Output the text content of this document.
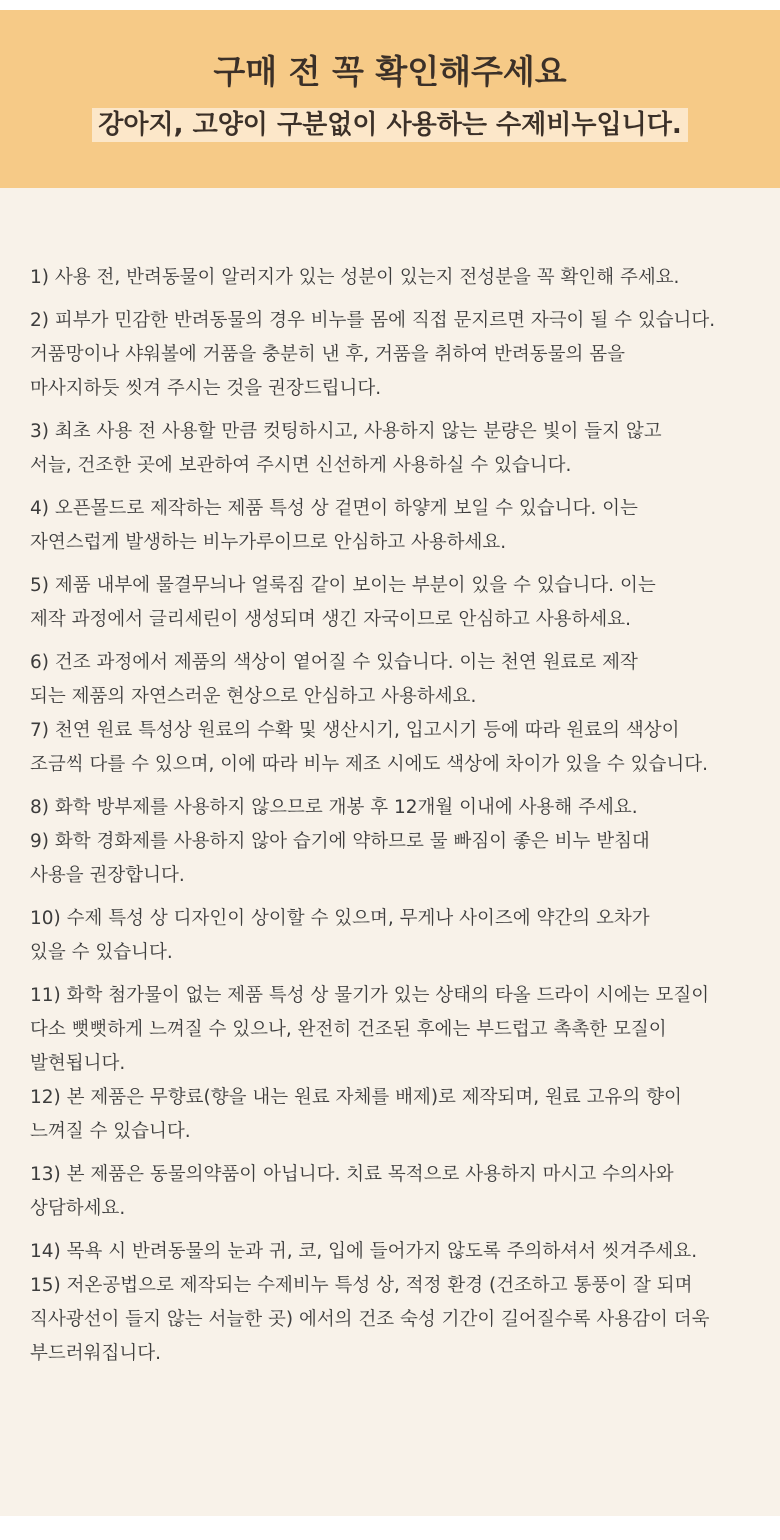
구매 전 꼭 확인해주세요
강아지, 고양이 구분없이 사용하는 수제비누입니다.
1) 사용 전, 반려동물이 알러지가 있는 성분이 있는지 전성분을 꼭 확인해 주세요.
2) 피부가 민감한 반려동물의 경우 비누를 몸에 직접 문지르면 자극이 될 수 있습니다.
거품망이나 샤워볼에 거품을 충분히 낸 후, 거품을 취하여 반려동물의 몸을
마사지하듯 씻겨 주시는 것을 권장드립니다.
3) 최초 사용 전 사용할 만큼 컷팅하시고, 사용하지 않는 분량은 빛이 들지 않고
서늘, 건조한 곳에 보관하여 주시면 신선하게 사용하실 수 있습니다.
4) 오픈몰드로 제작하는 제품 특성 상 겉면이 하얗게 보일 수 있습니다. 이는
자연스럽게 발생하는 비누가루이므로 안심하고 사용하세요.
5) 제품 내부에 물결무늬나 얼룩짐 같이 보이는 부분이 있을 수 있습니다. 이는
제작 과정에서 글리세린이 생성되며 생긴 자국이므로 안심하고 사용하세요.
6) 건조 과정에서 제품의 색상이 옅어질 수 있습니다. 이는 천연 원료로 제작
되는 제품의 자연스러운 현상으로 안심하고 사용하세요.
7) 천연 원료 특성상 원료의 수확 및 생산시기, 입고시기 등에 따라 원료의 색상이
조금씩 다를 수 있으며, 이에 따라 비누 제조 시에도 색상에 차이가 있을 수 있습니다.
8) 화학 방부제를 사용하지 않으므로 개봉 후 12개월 이내에 사용해 주세요.
9) 화학 경화제를 사용하지 않아 습기에 약하므로 물 빠짐이 좋은 비누 받침대
사용을 권장합니다.
10) 수제 특성 상 디자인이 상이할 수 있으며, 무게나 사이즈에 약간의 오차가
있을 수 있습니다.
11) 화학 첨가물이 없는 제품 특성 상 물기가 있는 상태의 타올 드라이 시에는 모질이
다소 뻣뻣하게 느껴질 수 있으나, 완전히 건조된 후에는 부드럽고 촉촉한 모질이
발현됩니다.
12) 본 제품은 무향료(향을 내는 원료 자체를 배제)로 제작되며, 원료 고유의 향이
느껴질 수 있습니다.
13) 본 제품은 동물의약품이 아닙니다. 치료 목적으로 사용하지 마시고 수의사와
상담하세요.
14) 목욕 시 반려동물의 눈과 귀, 코, 입에 들어가지 않도록 주의하셔서 씻겨주세요.
15) 저온공법으로 제작되는 수제비누 특성 상, 적정 환경 (건조하고 통풍이 잘 되며
직사광선이 들지 않는 서늘한 곳) 에서의 건조 숙성 기간이 길어질수록 사용감이 더욱
부드러워집니다.
